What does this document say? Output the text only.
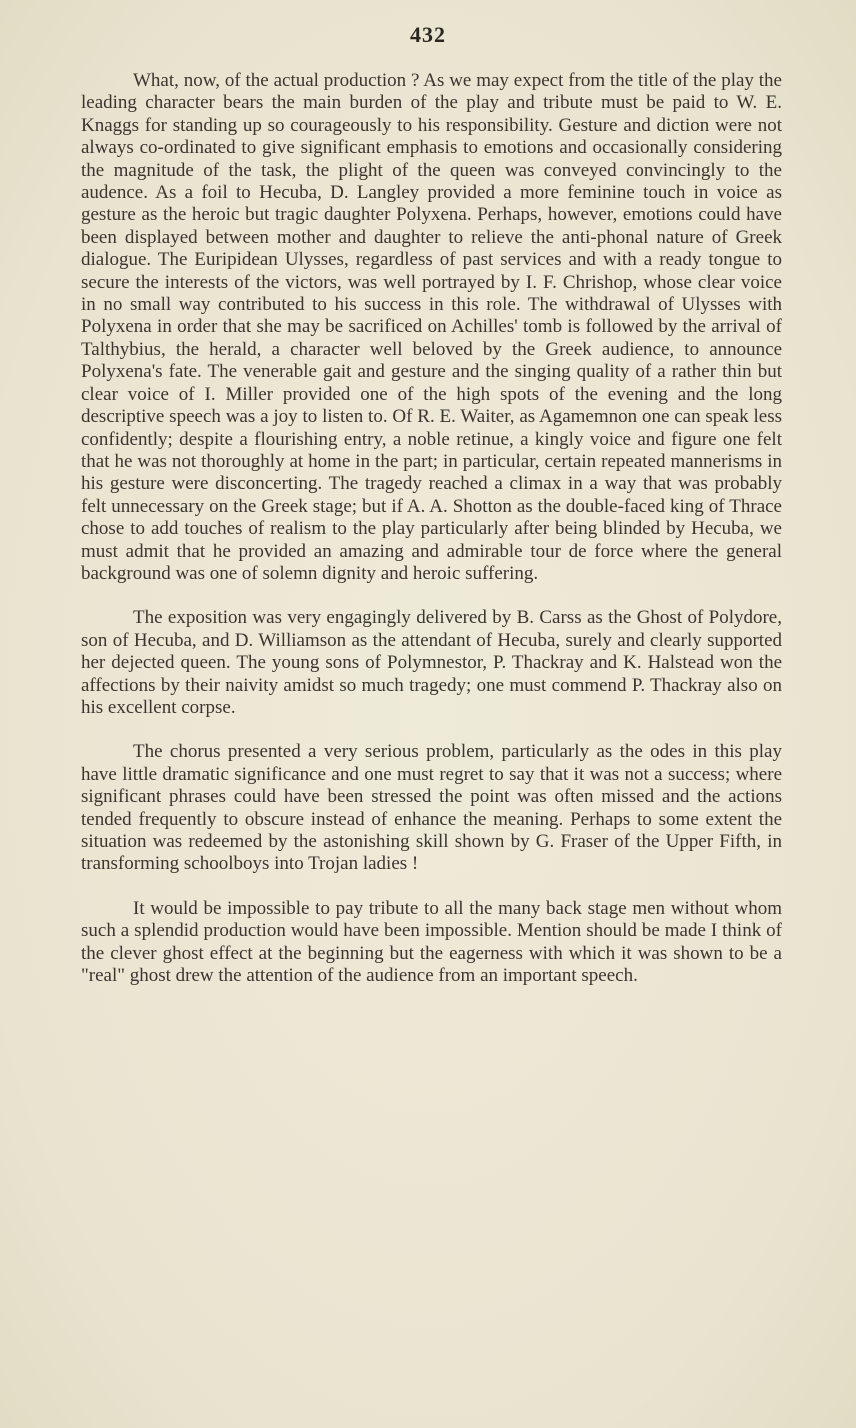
432

What, now, of the actual production ? As we may expect from the title of the play the leading character bears the main burden of the play and tribute must be paid to W. E. Knaggs for standing up so courageously to his responsibility. Gesture and diction were not always co-ordinated to give significant emphasis to emotions and occasionally considering the magnitude of the task, the plight of the queen was conveyed convincingly to the audence. As a foil to Hecuba, D. Langley provided a more feminine touch in voice as gesture as the heroic but tragic daughter Polyxena. Perhaps, however, emotions could have been displayed between mother and daughter to relieve the anti-phonal nature of Greek dialogue. The Euripidean Ulysses, regardless of past services and with a ready tongue to secure the interests of the victors, was well portrayed by I. F. Chrishop, whose clear voice in no small way contributed to his success in this role. The withdrawal of Ulysses with Polyxena in order that she may be sacrificed on Achilles' tomb is followed by the arrival of Talthybius, the herald, a character well beloved by the Greek audience, to announce Polyxena's fate. The venerable gait and gesture and the singing quality of a rather thin but clear voice of I. Miller provided one of the high spots of the evening and the long descriptive speech was a joy to listen to. Of R. E. Waiter, as Agamemnon one can speak less confidently; despite a flourishing entry, a noble retinue, a kingly voice and figure one felt that he was not thoroughly at home in the part; in particular, certain repeated mannerisms in his gesture were disconcerting. The tragedy reached a climax in a way that was probably felt unnecessary on the Greek stage; but if A. A. Shotton as the double-faced king of Thrace chose to add touches of realism to the play particularly after being blinded by Hecuba, we must admit that he provided an amazing and admirable tour de force where the general background was one of solemn dignity and heroic suffering.

The exposition was very engagingly delivered by B. Carss as the Ghost of Polydore, son of Hecuba, and D. Williamson as the attendant of Hecuba, surely and clearly supported her dejected queen. The young sons of Polymnestor, P. Thackray and K. Halstead won the affections by their naivity amidst so much tragedy; one must commend P. Thackray also on his excellent corpse.

The chorus presented a very serious problem, particularly as the odes in this play have little dramatic significance and one must regret to say that it was not a success; where significant phrases could have been stressed the point was often missed and the actions tended frequently to obscure instead of enhance the meaning. Perhaps to some extent the situation was redeemed by the astonishing skill shown by G. Fraser of the Upper Fifth, in transforming schoolboys into Trojan ladies !

It would be impossible to pay tribute to all the many back stage men without whom such a splendid production would have been impossible. Mention should be made I think of the clever ghost effect at the beginning but the eagerness with which it was shown to be a "real" ghost drew the attention of the audience from an important speech.
